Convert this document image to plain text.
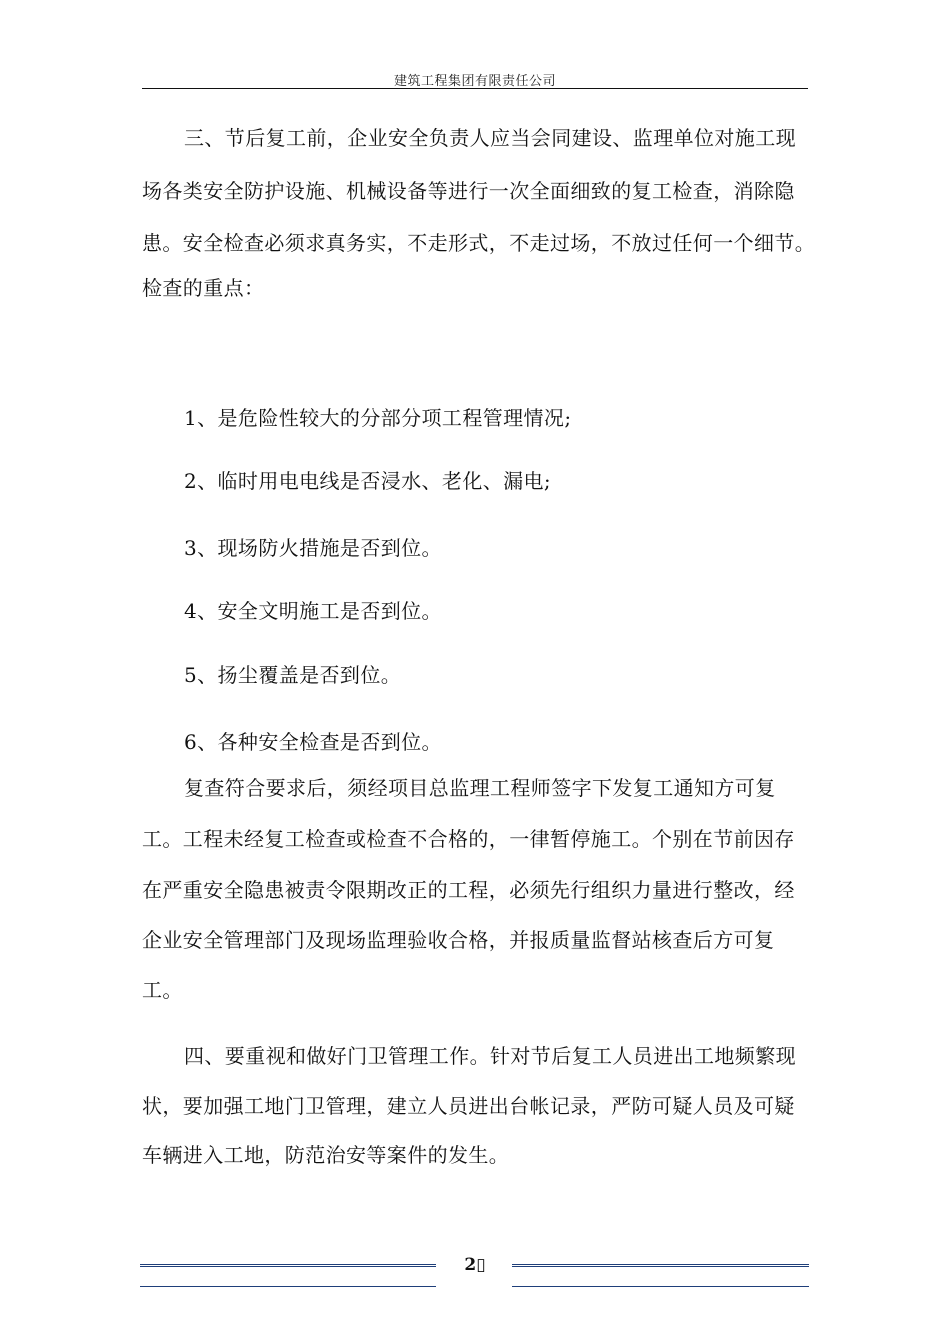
建筑工程集团有限责任公司
三、节后复工前，企业安全负责人应当会同建设、监理单位对施工现
场各类安全防护设施、机械设备等进行一次全面细致的复工检查，消除隐
患。安全检查必须求真务实，不走形式，不走过场，不放过任何一个细节。
检查的重点：
1、是危险性较大的分部分项工程管理情况;
2、临时用电电线是否浸水、老化、漏电;
3、现场防火措施是否到位。
4、安全文明施工是否到位。
5、扬尘覆盖是否到位。
6、各种安全检查是否到位。
复查符合要求后，须经项目总监理工程师签字下发复工通知方可复
工。工程未经复工检查或检查不合格的，一律暂停施工。个别在节前因存
在严重安全隐患被责令限期改正的工程，必须先行组织力量进行整改，经
企业安全管理部门及现场监理验收合格，并报质量监督站核查后方可复
工。
四、要重视和做好门卫管理工作。针对节后复工人员进出工地频繁现
状，要加强工地门卫管理，建立人员进出台帐记录，严防可疑人员及可疑
车辆进入工地，防范治安等案件的发生。
2▯
